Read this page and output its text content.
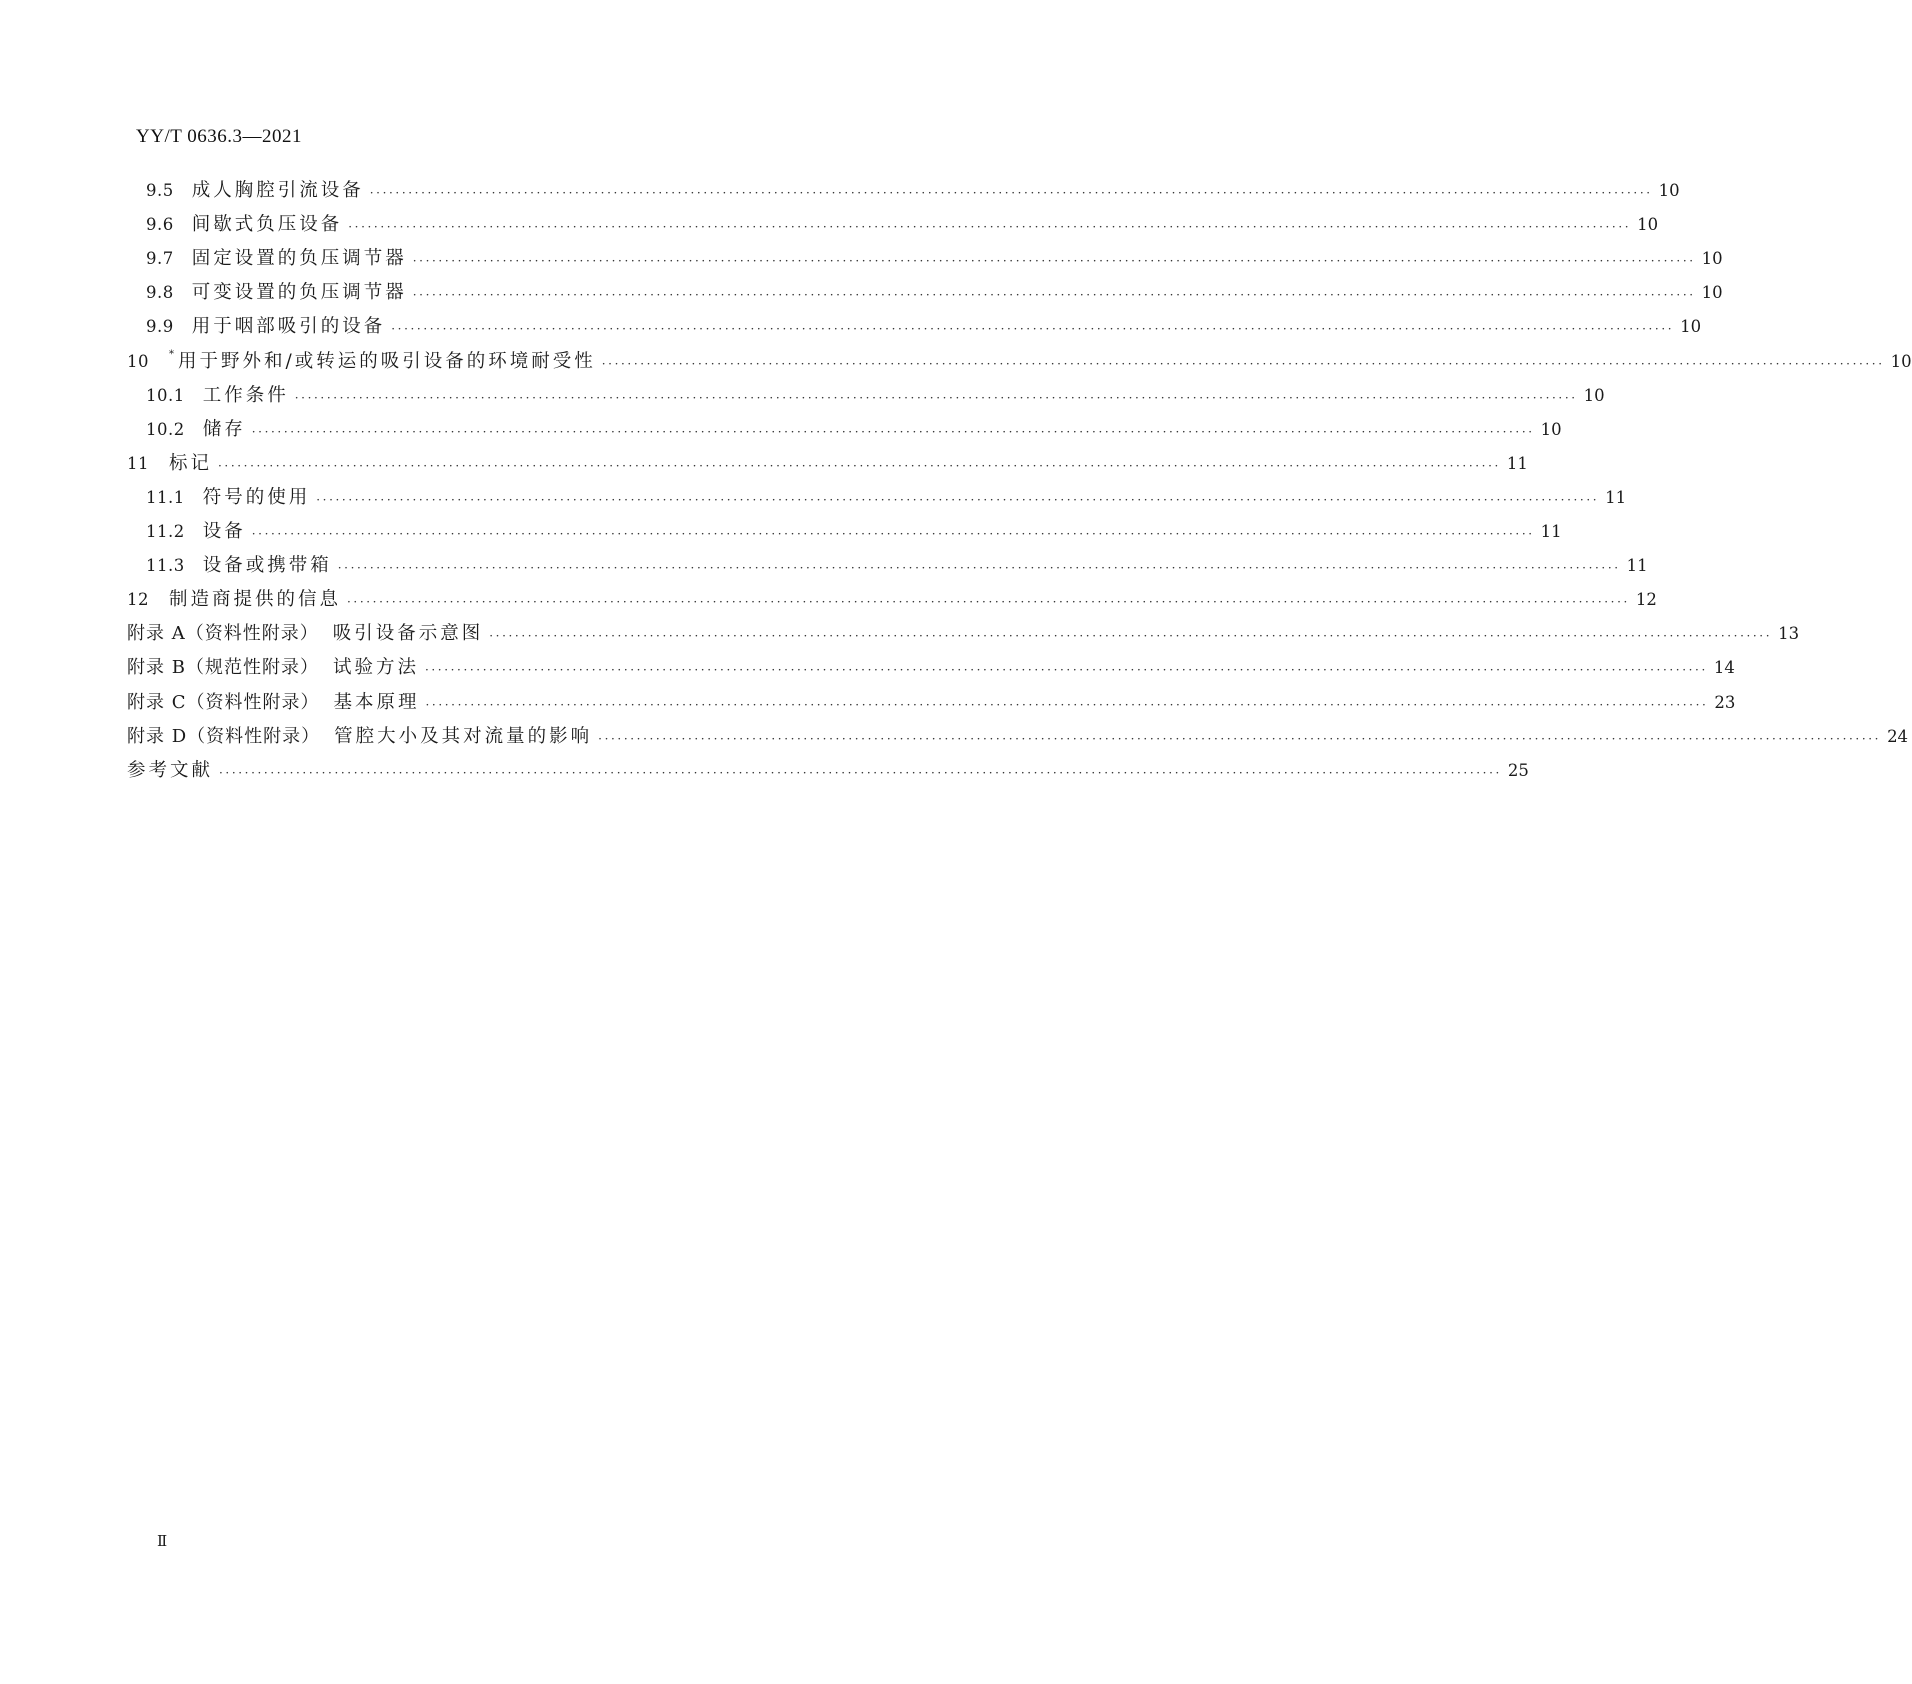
YY/T 0636.3—2021
9.5 成人胸腔引流设备 ········································································································································································································ 10
9.6 间歇式负压设备 ········································································································································································································ 10
9.7 固定设置的负压调节器 ········································································································································································································ 10
9.8 可变设置的负压调节器 ········································································································································································································ 10
9.9 用于咽部吸引的设备 ········································································································································································································ 10
10 * 用于野外和/或转运的吸引设备的环境耐受性 ········································································································································································································ 10
10.1 工作条件 ········································································································································································································ 10
10.2 储存 ········································································································································································································ 10
11 标记 ········································································································································································································ 11
11.1 符号的使用 ········································································································································································································ 11
11.2 设备 ········································································································································································································ 11
11.3 设备或携带箱 ········································································································································································································ 11
12 制造商提供的信息 ········································································································································································································ 12
附录 A（资料性附录） 吸引设备示意图 ········································································································································································································ 13
附录 B（规范性附录） 试验方法 ········································································································································································································ 14
附录 C（资料性附录） 基本原理 ········································································································································································································ 23
附录 D（资料性附录） 管腔大小及其对流量的影响 ········································································································································································································ 24
参考文献 ········································································································································································································ 25
Ⅱ
